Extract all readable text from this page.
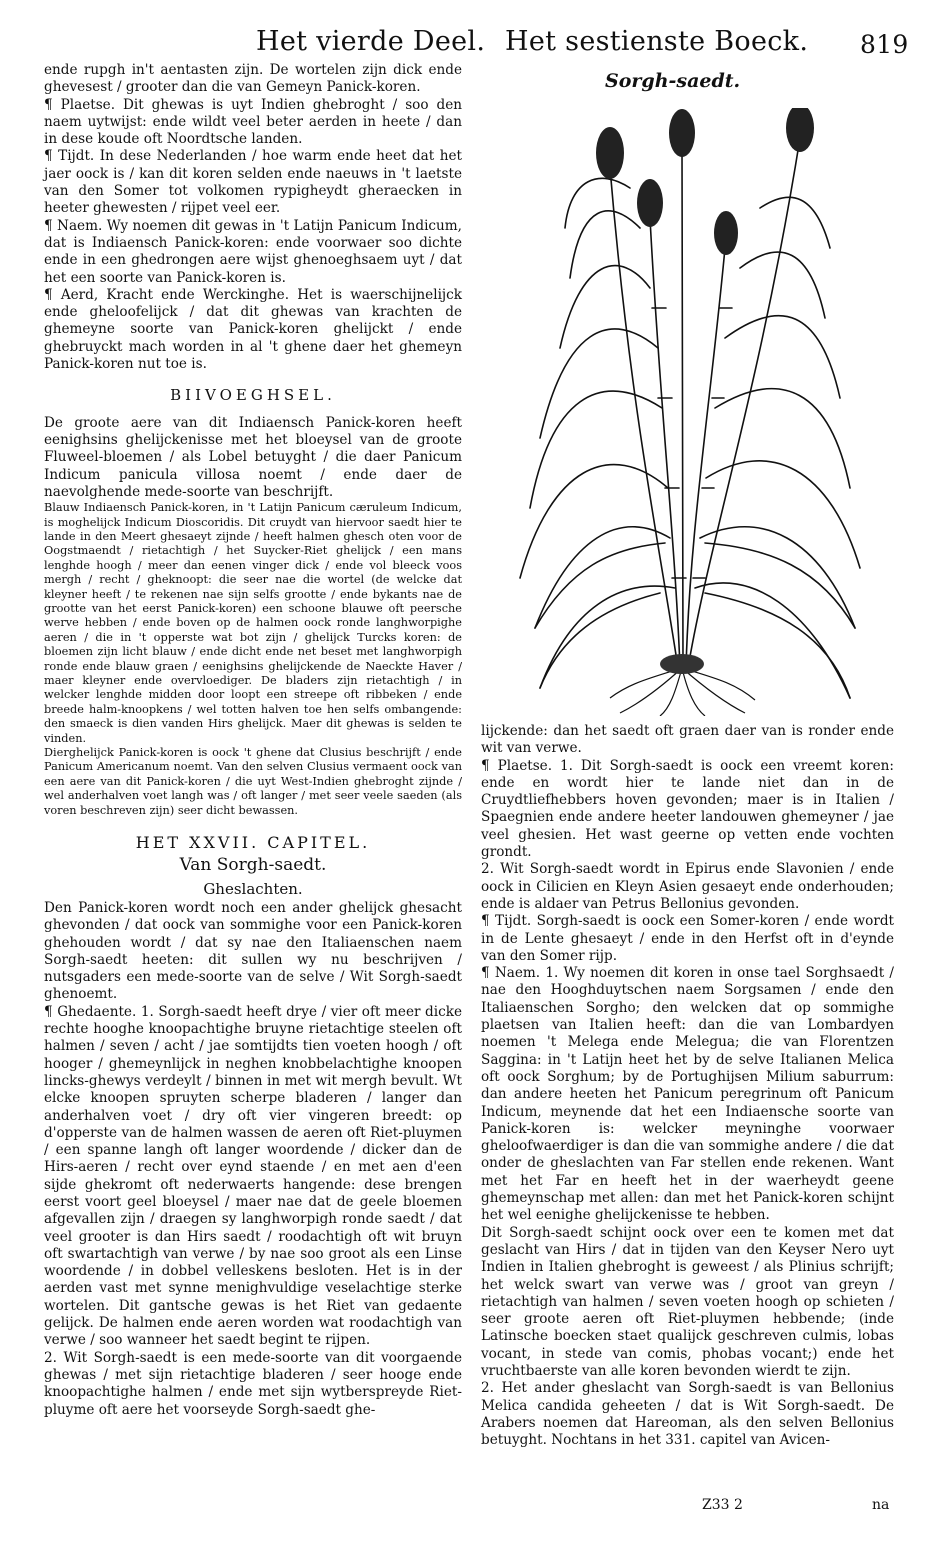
Het vierde Deel. Het sestienste Boeck. 819
Sorgh-saedt.

ende rupgh in't aentasten zijn. De wortelen zijn dick ende ghevesest / grooter dan die van Gemeyn Panick-koren.

¶ Plaetse. Dit ghewas is uyt Indien ghebroght / soo den naem uytwijst: ende wildt veel beter aerden in heete / dan in dese koude oft Noordtsche landen.

¶ Tijdt. In dese Nederlanden / hoe warm ende heet dat het jaer oock is / kan dit koren selden ende naeuws in 't laetste van den Somer tot volkomen rypigheydt gheraecken in heeter ghewesten / rijpet veel eer.

¶ Naem. Wy noemen dit gewas in 't Latijn Panicum Indicum, dat is Indiaensch Panick-koren: ende voorwaer soo dichte ende in een ghedrongen aere wijst ghenoeghsaem uyt / dat het een soorte van Panick-koren is.

¶ Aerd, Kracht ende Werckinghe. Het is waerschijnelijck ende gheloofelijck / dat dit ghewas van krachten de ghemeyne soorte van Panick-koren ghelijckt / ende ghebruyckt mach worden in al 't ghene daer het ghemeyn Panick-koren nut toe is.

BIIVOEGHSEL.

De groote aere van dit Indiaensch Panick-koren heeft eenighsins ghelijckenisse met het bloeysel van de groote Fluweel-bloemen / als Lobel betuyght / die daer Panicum Indicum panicula villosa noemt / ende daer de naevolghende mede-soorte van beschrijft.

Blauw Indiaensch Panick-koren, in 't Latijn Panicum cæruleum Indicum, is moghelijck Indicum Dioscoridis. Dit cruydt van hiervoor saedt hier te lande in den Meert ghesaeyt zijnde / heeft halmen ghesch oten voor de Oogstmaendt / rietachtigh / het Suycker-Riet ghelijck / een mans lenghde hoogh / meer dan eenen vinger dick / ende vol bleeck voos mergh / recht / gheknoopt: die seer nae die wortel (de welcke dat kleyner heeft / te rekenen nae sijn selfs grootte / ende bykants nae de grootte van het eerst Panick-koren) een schoone blauwe oft peersche werve hebben / ende boven op de halmen oock ronde langhworpighe aeren / die in 't opperste wat bot zijn / ghelijck Turcks koren: de bloemen zijn licht blauw / ende dicht ende net beset met langhworpigh ronde ende blauw graen / eenighsins ghelijckende de Naeckte Haver / maer kleyner ende overvloediger. De bladers zijn rietachtigh / in welcker lenghde midden door loopt een streepe oft ribbeken / ende breede halm-knoopkens / wel totten halven toe hen selfs ombangende: den smaeck is dien vanden Hirs ghelijck. Maer dit ghewas is selden te vinden.

Dierghelijck Panick-koren is oock 't ghene dat Clusius beschrijft / ende Panicum Americanum noemt. Van den selven Clusius vermaent oock van een aere van dit Panick-koren / die uyt West-Indien ghebroght zijnde / wel anderhalven voet langh was / oft langer / met seer veele saeden (als voren beschreven zijn) seer dicht bewassen.

HET XXVII. CAPITEL.

Van Sorgh-saedt.

Gheslachten.

Den Panick-koren wordt noch een ander ghelijck ghesacht ghevonden / dat oock van sommighe voor een Panick-koren ghehouden wordt / dat sy nae den Italiaenschen naem Sorgh-saedt heeten: dit sullen wy nu beschrijven / nutsgaders een mede-soorte van de selve / Wit Sorgh-saedt ghenoemt.

¶ Ghedaente. 1. Sorgh-saedt heeft drye / vier oft meer dicke rechte hooghe knoopachtighe bruyne rietachtige steelen oft halmen / seven / acht / jae somtijdts tien voeten hoogh / oft hooger / ghemeynlijck in neghen knobbelachtighe knoopen lincks-ghewys verdeylt / binnen in met wit mergh bevult. Wt elcke knoopen spruyten scherpe bladeren / langer dan anderhalven voet / dry oft vier vingeren breedt: op d'opperste van de halmen wassen de aeren oft Riet-pluymen / een spanne langh oft langer woordende / dicker dan de Hirs-aeren / recht over eynd staende / en met aen d'een sijde ghekromt oft nederwaerts hangende: dese brengen eerst voort geel bloeysel / maer nae dat de geele bloemen afgevallen zijn / draegen sy langhworpigh ronde saedt / dat veel grooter is dan Hirs saedt / roodachtigh oft wit bruyn oft swartachtigh van verwe / by nae soo groot als een Linse woordende / in dobbel velleskens besloten. Het is in der aerden vast met synne menighvuldige veselachtige sterke wortelen. Dit gantsche gewas is het Riet van gedaente gelijck. De halmen ende aeren worden wat roodachtigh van verwe / soo wanneer het saedt begint te rijpen.

2. Wit Sorgh-saedt is een mede-soorte van dit voorgaende ghewas / met sijn rietachtige bladeren / seer hooge ende knoopachtighe halmen / ende met sijn wytberspreyde Riet-pluyme oft aere het voorseyde Sorgh-saedt ghe-

lijckende: dan het saedt oft graen daer van is ronder ende wit van verwe.

¶ Plaetse. 1. Dit Sorgh-saedt is oock een vreemt koren: ende en wordt hier te lande niet dan in de Cruydtliefhebbers hoven gevonden; maer is in Italien / Spaegnien ende andere heeter landouwen ghemeyner / jae veel ghesien. Het wast geerne op vetten ende vochten grondt.

2. Wit Sorgh-saedt wordt in Epirus ende Slavonien / ende oock in Cilicien en Kleyn Asien gesaeyt ende onderhouden; ende is aldaer van Petrus Bellonius gevonden.

¶ Tijdt. Sorgh-saedt is oock een Somer-koren / ende wordt in de Lente ghesaeyt / ende in den Herfst oft in d'eynde van den Somer rijp.

¶ Naem. 1. Wy noemen dit koren in onse tael Sorghsaedt / nae den Hooghduytschen naem Sorgsamen / ende den Italiaenschen Sorgho; den welcken dat op sommighe plaetsen van Italien heeft: dan die van Lombardyen noemen 't Melega ende Melegua; die van Florentzen Saggina: in 't Latijn heet het by de selve Italianen Melica oft oock Sorghum; by de Portughijsen Milium saburrum: dan andere heeten het Panicum peregrinum oft Panicum Indicum, meynende dat het een Indiaensche soorte van Panick-koren is: welcker meyninghe voorwaer gheloofwaerdiger is dan die van sommighe andere / die dat onder de gheslachten van Far stellen ende rekenen. Want met het Far en heeft het in der waerheydt geene ghemeynschap met allen: dan met het Panick-koren schijnt het wel eenighe ghelijckenisse te hebben.

Dit Sorgh-saedt schijnt oock over een te komen met dat geslacht van Hirs / dat in tijden van den Keyser Nero uyt Indien in Italien ghebroght is geweest / als Plinius schrijft; het welck swart van verwe was / groot van greyn / rietachtigh van halmen / seven voeten hoogh op schieten / seer groote aeren oft Riet-pluymen hebbende; (inde Latinsche boecken staet qualijck geschreven culmis, lobas vocant, in stede van comis, phobas vocant;) ende het vruchtbaerste van alle koren bevonden wierdt te zijn.

2. Het ander gheslacht van Sorgh-saedt is van Bellonius Melica candida geheeten / dat is Wit Sorgh-saedt. De Arabers noemen dat Hareoman, als den selven Bellonius betuyght. Nochtans in het 331. capitel van Avicen-

Z33 2	na
